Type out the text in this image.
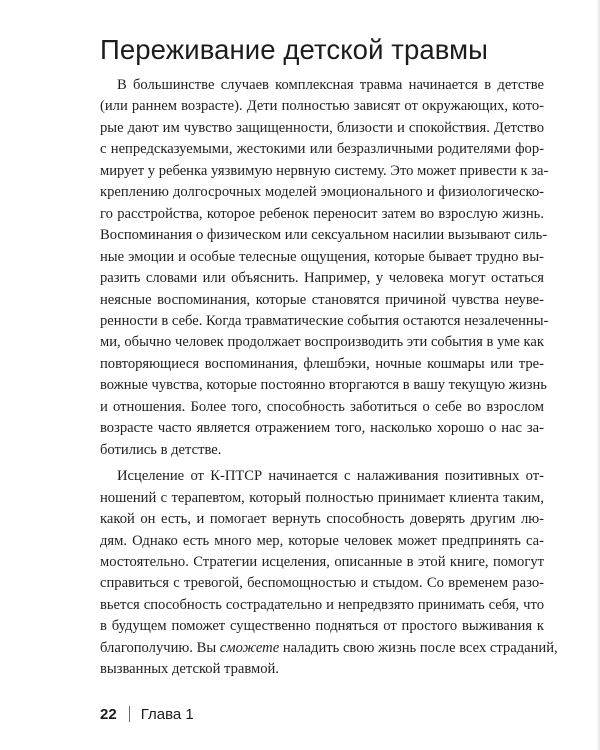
Переживание детской травмы

В большинстве случаев комплексная травма начинается в детстве
(или раннем возрасте). Дети полностью зависят от окружающих, кото-
рые дают им чувство защищенности, близости и спокойствия. Детство
с непредсказуемыми, жестокими или безразличными родителями фор-
мирует у ребенка уязвимую нервную систему. Это может привести к за-
креплению долгосрочных моделей эмоционального и физиологическо-
го расстройства, которое ребенок переносит затем во взрослую жизнь.
Воспоминания о физическом или сексуальном насилии вызывают силь-
ные эмоции и особые телесные ощущения, которые бывает трудно вы-
разить словами или объяснить. Например, у человека могут остаться
неясные воспоминания, которые становятся причиной чувства неуве-
ренности в себе. Когда травматические события остаются незалеченны-
ми, обычно человек продолжает воспроизводить эти события в уме как
повторяющиеся воспоминания, флешбэки, ночные кошмары или тре-
вожные чувства, которые постоянно вторгаются в вашу текущую жизнь
и отношения. Более того, способность заботиться о себе во взрослом
возрасте часто является отражением того, насколько хорошо о нас за-
ботились в детстве.

Исцеление от К-ПТСР начинается с налаживания позитивных от-
ношений с терапевтом, который полностью принимает клиента таким,
какой он есть, и помогает вернуть способность доверять другим лю-
дям. Однако есть много мер, которые человек может предпринять са-
мостоятельно. Стратегии исцеления, описанные в этой книге, помогут
справиться с тревогой, беспомощностью и стыдом. Со временем разо-
вьется способность сострадательно и непредвзято принимать себя, что
в будущем поможет существенно подняться от простого выживания к
благополучию. Вы сможете наладить свою жизнь после всех страданий,
вызванных детской травмой.

22 Глава 1
